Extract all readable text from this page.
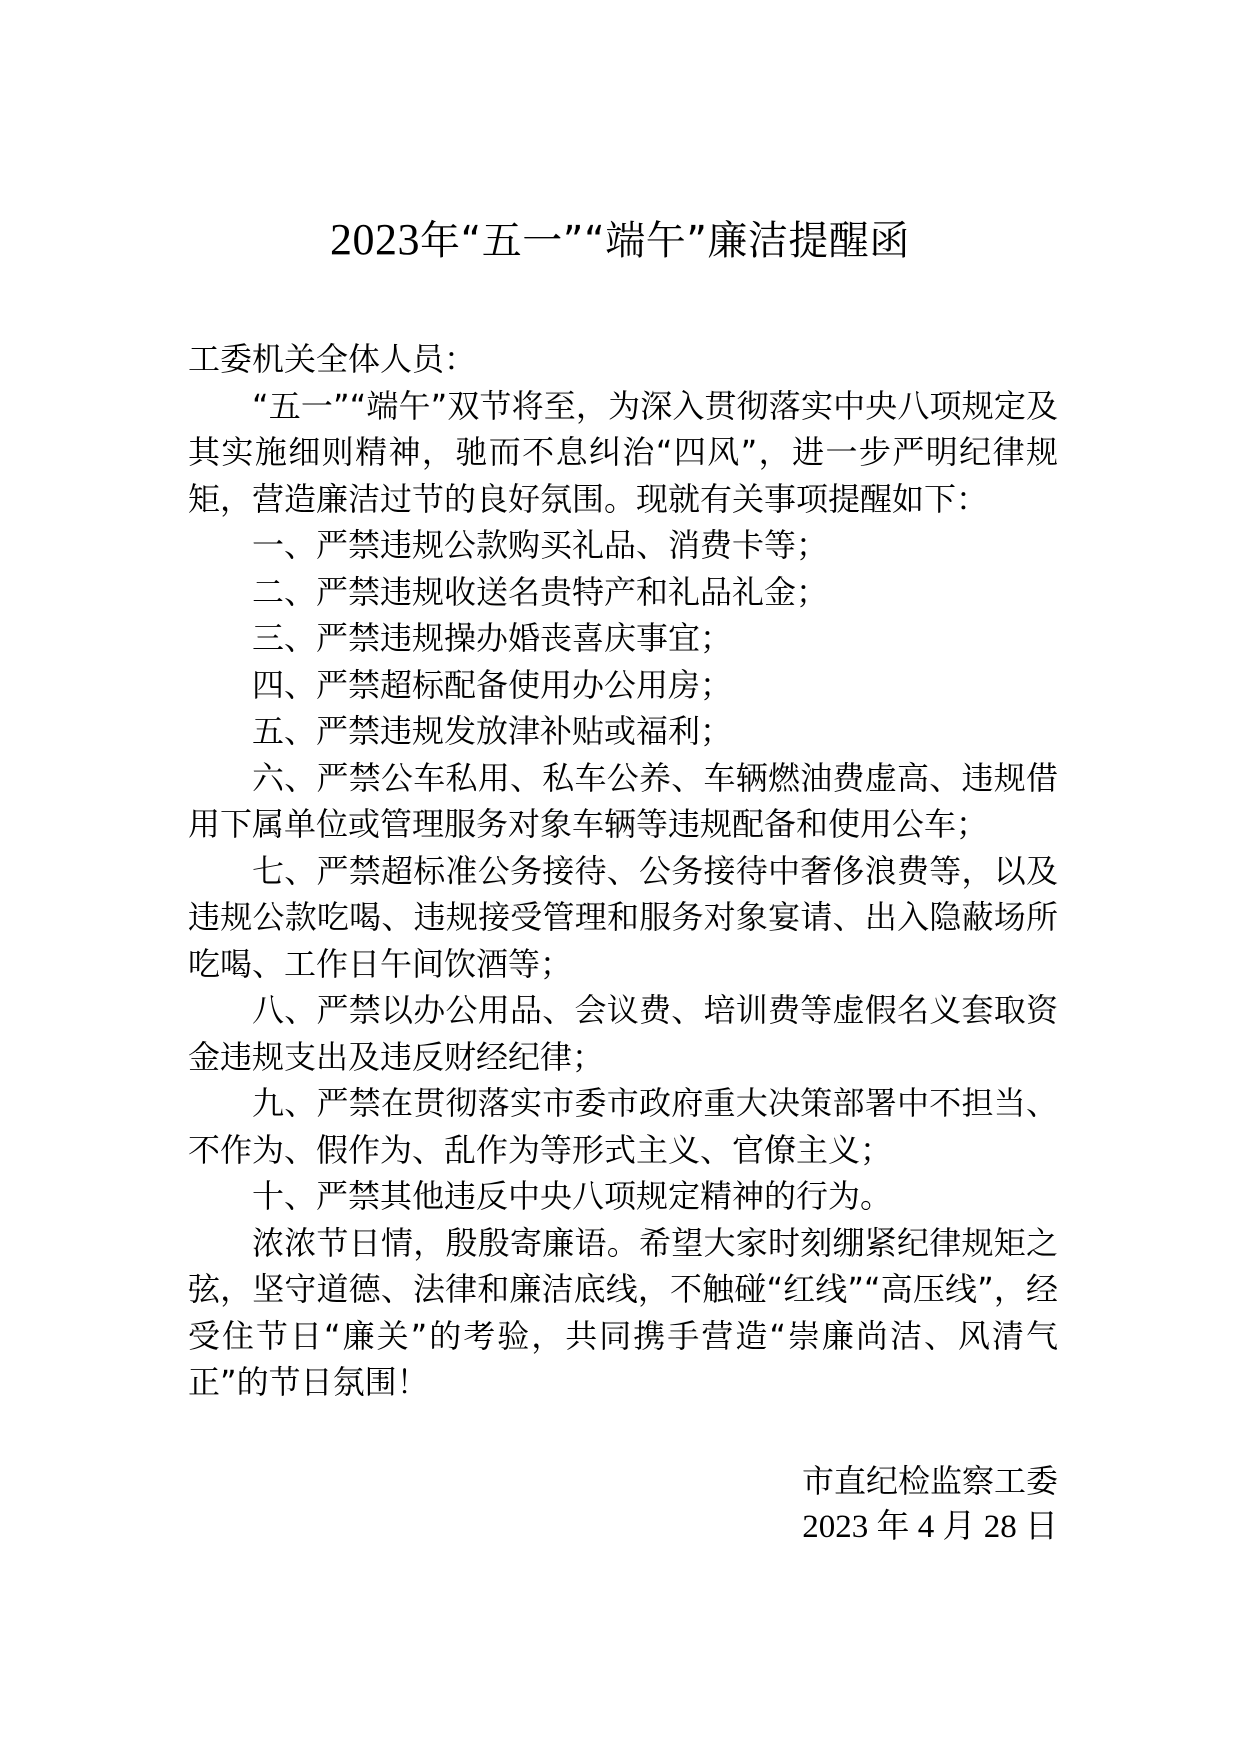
2023年“五一”“端午”廉洁提醒函

工委机关全体人员：

“五一”“端午”双节将至，为深入贯彻落实中央八项规定及其实施细则精神，驰而不息纠治“四风”，进一步严明纪律规矩，营造廉洁过节的良好氛围。现就有关事项提醒如下：

一、严禁违规公款购买礼品、消费卡等；

二、严禁违规收送名贵特产和礼品礼金；

三、严禁违规操办婚丧喜庆事宜；

四、严禁超标配备使用办公用房；

五、严禁违规发放津补贴或福利；

六、严禁公车私用、私车公养、车辆燃油费虚高、违规借用下属单位或管理服务对象车辆等违规配备和使用公车；

七、严禁超标准公务接待、公务接待中奢侈浪费等，以及违规公款吃喝、违规接受管理和服务对象宴请、出入隐蔽场所吃喝、工作日午间饮酒等；

八、严禁以办公用品、会议费、培训费等虚假名义套取资金违规支出及违反财经纪律；

九、严禁在贯彻落实市委市政府重大决策部署中不担当、不作为、假作为、乱作为等形式主义、官僚主义；

十、严禁其他违反中央八项规定精神的行为。

浓浓节日情，殷殷寄廉语。希望大家时刻绷紧纪律规矩之弦，坚守道德、法律和廉洁底线，不触碰“红线”“高压线”，经受住节日“廉关”的考验，共同携手营造“崇廉尚洁、风清气正”的节日氛围！

市直纪检监察工委
2023 年 4 月 28 日
